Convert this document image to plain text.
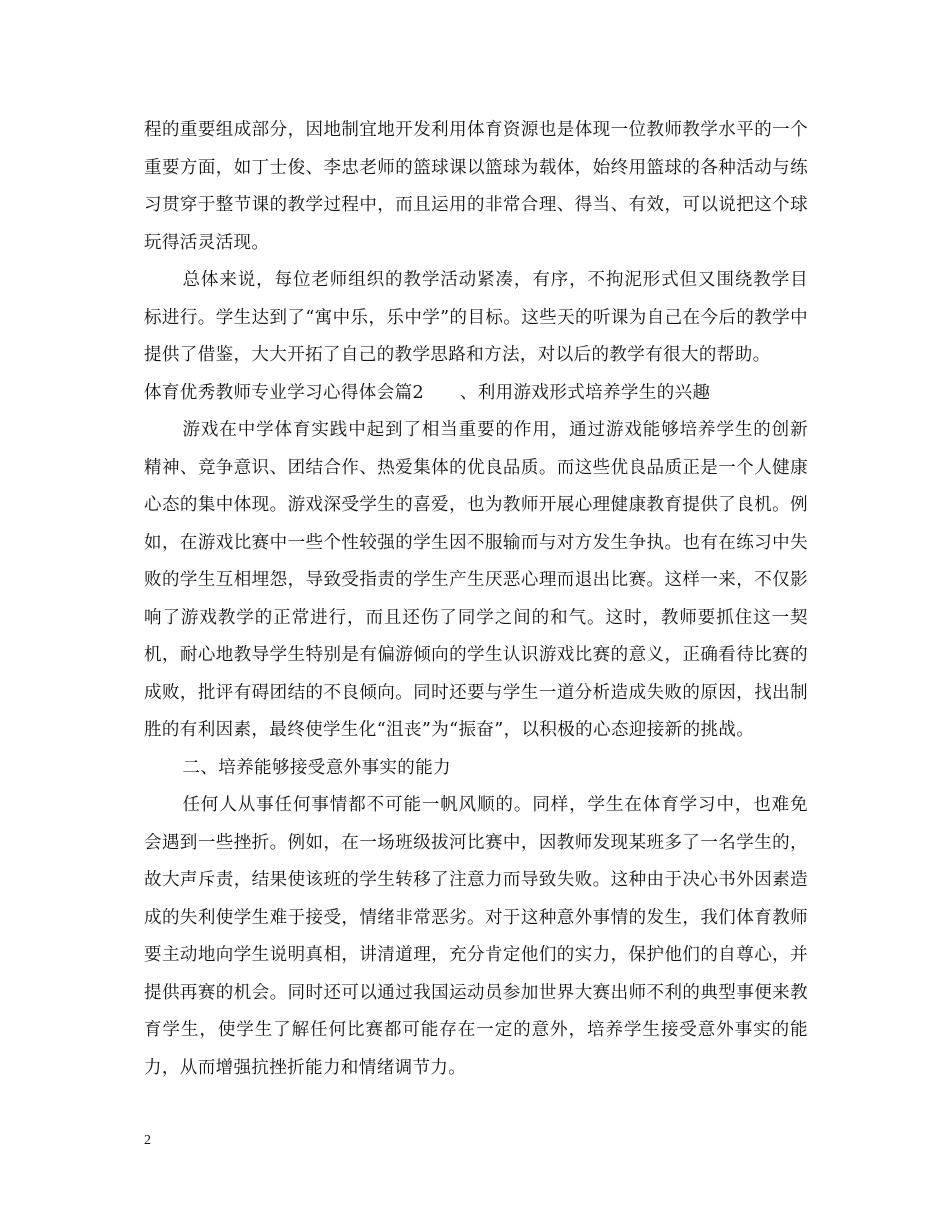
程的重要组成部分，因地制宜地开发利用体育资源也是体现一位教师教学水平的一个重要方面，如丁士俊、李忠老师的篮球课以篮球为载体，始终用篮球的各种活动与练习贯穿于整节课的教学过程中，而且运用的非常合理、得当、有效，可以说把这个球玩得活灵活现。

总体来说，每位老师组织的教学活动紧凑，有序，不拘泥形式但又围绕教学目标进行。学生达到了“寓中乐，乐中学”的目标。这些天的听课为自己在今后的教学中提供了借鉴，大大开拓了自己的教学思路和方法，对以后的教学有很大的帮助。

体育优秀教师专业学习心得体会篇2　　、利用游戏形式培养学生的兴趣

游戏在中学体育实践中起到了相当重要的作用，通过游戏能够培养学生的创新精神、竞争意识、团结合作、热爱集体的优良品质。而这些优良品质正是一个人健康心态的集中体现。游戏深受学生的喜爱，也为教师开展心理健康教育提供了良机。例如，在游戏比赛中一些个性较强的学生因不服输而与对方发生争执。也有在练习中失败的学生互相埋怨，导致受指责的学生产生厌恶心理而退出比赛。这样一来，不仅影响了游戏教学的正常进行，而且还伤了同学之间的和气。这时，教师要抓住这一契机，耐心地教导学生特别是有偏游倾向的学生认识游戏比赛的意义，正确看待比赛的成败，批评有碍团结的不良倾向。同时还要与学生一道分析造成失败的原因，找出制胜的有利因素，最终使学生化“沮丧”为“振奋”，以积极的心态迎接新的挑战。

二、培养能够接受意外事实的能力

任何人从事任何事情都不可能一帆风顺的。同样，学生在体育学习中，也难免会遇到一些挫折。例如，在一场班级拔河比赛中，因教师发现某班多了一名学生的，故大声斥责，结果使该班的学生转移了注意力而导致失败。这种由于决心书外因素造成的失利使学生难于接受，情绪非常恶劣。对于这种意外事情的发生，我们体育教师要主动地向学生说明真相，讲清道理，充分肯定他们的实力，保护他们的自尊心，并提供再赛的机会。同时还可以通过我国运动员参加世界大赛出师不利的典型事便来教育学生，使学生了解任何比赛都可能存在一定的意外，培养学生接受意外事实的能力，从而增强抗挫折能力和情绪调节力。

2
